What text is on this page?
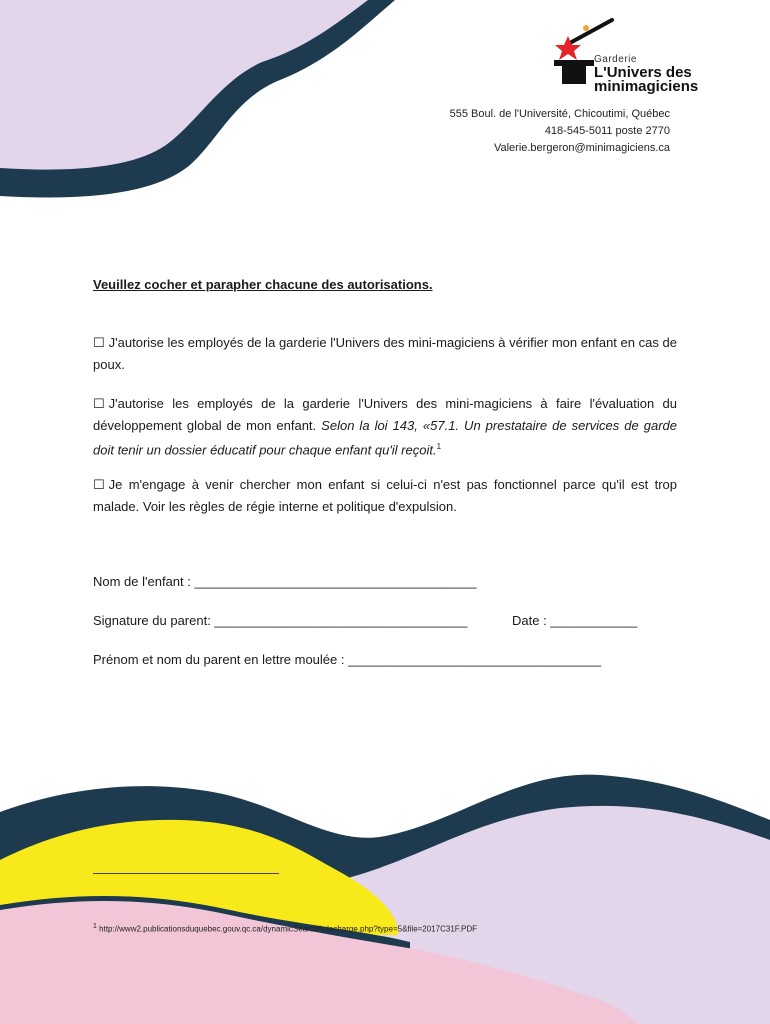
Garderie
L'Univers des
minimagiciens
555 Boul. de l'Université, Chicoutimi, Québec
418-545-5011 poste 2770
Valerie.bergeron@minimagiciens.ca
Veuillez cocher et parapher chacune des autorisations.
☐ J'autorise les employés de la garderie l'Univers des mini-magiciens à vérifier mon enfant en cas de poux.
☐ J'autorise les employés de la garderie l'Univers des mini-magiciens à faire l'évaluation du développement global de mon enfant. Selon la loi 143, «57.1. Un prestataire de services de garde doit tenir un dossier éducatif pour chaque enfant qu'il reçoit.$^1$
☐ Je m'engage à venir chercher mon enfant si celui-ci n'est pas fonctionnel parce qu'il est trop malade. Voir les règles de régie interne et politique d'expulsion.
Nom de l'enfant : _______________________________________
Signature du parent: ___________________________________	Date : ____________
Prénom et nom du parent en lettre moulée : ___________________________________
$^1$ http://www2.publicationsduquebec.gouv.qc.ca/dynamicSearch/telecharge.php?type=5&file=2017C31F.PDF
